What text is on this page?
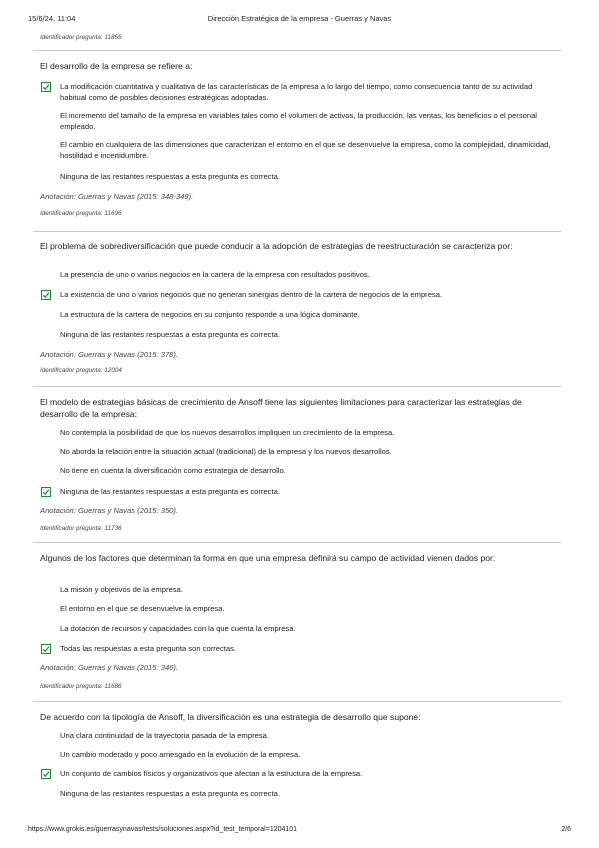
15/6/24, 11:04	Dirección Estratégica de la empresa - Guerras y Navas
Identificador pregunta: 11855
El desarrollo de la empresa se refiere a:
La modificación cuantitativa y cualitativa de las características de la empresa a lo largo del tiempo, como consecuencia tanto de su actividad habitual como de posibles decisiones estratégicas adoptadas.
El incremento del tamaño de la empresa en variables tales como el volumen de activos, la producción, las ventas, los beneficios o el personal empleado.
El cambio en cualquiera de las dimensiones que caracterizan el entorno en el que se desenvuelve la empresa, como la complejidad, dinamicidad, hostilidad e incertidumbre.
Ninguna de las restantes respuestas a esta pregunta es correcta.
Anotación: Guerras y Navas (2015: 348-349).
Identificador pregunta: 11696
El problema de sobrediversificación que puede conducir a la adopción de estrategias de reestructuración se caracteriza por:
La presencia de uno o varios negocios en la cartera de la empresa con resultados positivos.
La existencia de uno o varios negocios que no generan sinergias dentro de la cartera de negocios de la empresa.
La estructura de la cartera de negocios en su conjunto responde a una lógica dominante.
Ninguna de las restantes respuestas a esta pregunta es correcta.
Anotación: Guerras y Navas (2015: 378).
Identificador pregunta: 12004
El modelo de estrategias básicas de crecimiento de Ansoff tiene las siguientes limitaciones para caracterizar las estrategias de desarrollo de la empresa:
No contempla la posibilidad de que los nuevos desarrollos impliquen un crecimiento de la empresa.
No aborda la relación entre la situación actual (tradicional) de la empresa y los nuevos desarrollos.
No tiene en cuenta la diversificación como estrategia de desarrollo.
Ninguna de las restantes respuestas a esta pregunta es correcta.
Anotación: Guerras y Navas (2015: 350).
Identificador pregunta: 11736
Algunos de los factores que determinan la forma en que una empresa definirá su campo de actividad vienen dados por:
La misión y objetivos de la empresa.
El entorno en el que se desenvuelve la empresa.
La dotación de recursos y capacidades con la que cuenta la empresa.
Todas las respuestas a esta pregunta son correctas.
Anotación: Guerras y Navas (2015: 346).
Identificador pregunta: 11686
De acuerdo con la tipología de Ansoff, la diversificación es una estrategia de desarrollo que supone:
Una clara continuidad de la trayectoria pasada de la empresa.
Un cambio moderado y poco arriesgado en la evolución de la empresa.
Un conjunto de cambios físicos y organizativos que afectan a la estructura de la empresa.
Ninguna de las restantes respuestas a esta pregunta es correcta.
https://www.grokis.es/guerrasynavas/tests/soluciones.aspx?id_test_temporal=1204101	2/6
